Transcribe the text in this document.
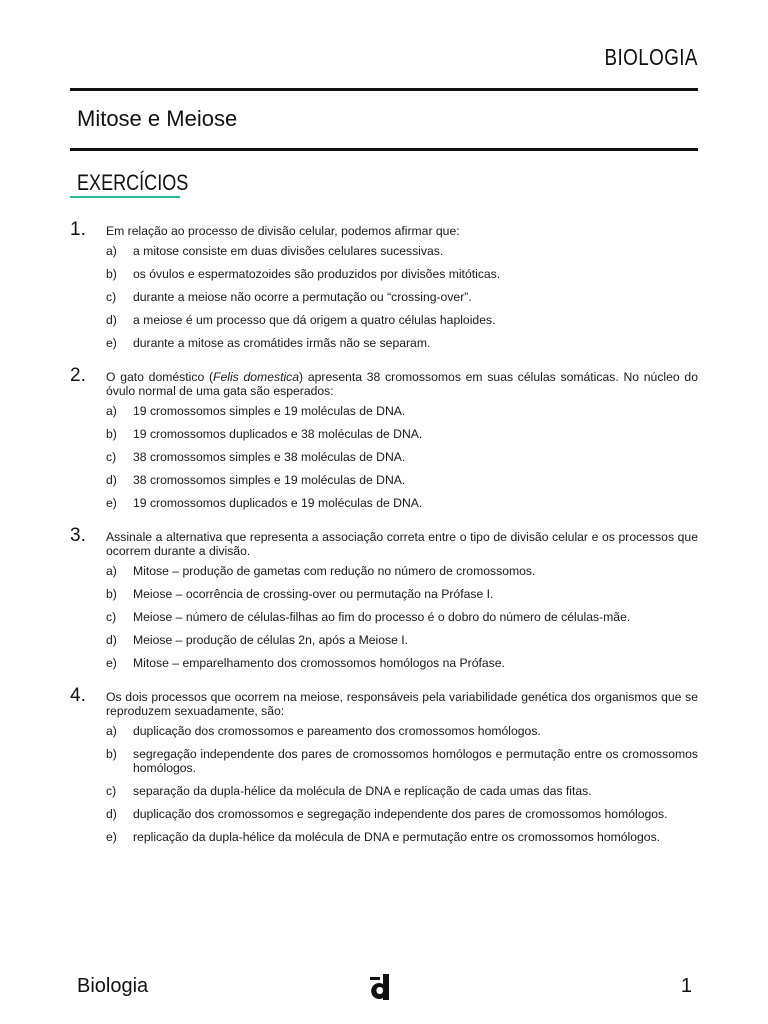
BIOLOGIA
Mitose e Meiose
EXERCÍCIOS
1. Em relação ao processo de divisão celular, podemos afirmar que:
a) a mitose consiste em duas divisões celulares sucessivas.
b) os óvulos e espermatozoides são produzidos por divisões mitóticas.
c) durante a meiose não ocorre a permutação ou “crossing-over”.
d) a meiose é um processo que dá origem a quatro células haploides.
e) durante a mitose as cromátides irmãs não se separam.
2. O gato doméstico (Felis domestica) apresenta 38 cromossomos em suas células somáticas. No núcleo do óvulo normal de uma gata são esperados:
a) 19 cromossomos simples e 19 moléculas de DNA.
b) 19 cromossomos duplicados e 38 moléculas de DNA.
c) 38 cromossomos simples e 38 moléculas de DNA.
d) 38 cromossomos simples e 19 moléculas de DNA.
e) 19 cromossomos duplicados e 19 moléculas de DNA.
3. Assinale a alternativa que representa a associação correta entre o tipo de divisão celular e os processos que ocorrem durante a divisão.
a) Mitose – produção de gametas com redução no número de cromossomos.
b) Meiose – ocorrência de crossing-over ou permutação na Prófase I.
c) Meiose – número de células-filhas ao fim do processo é o dobro do número de células-mãe.
d) Meiose – produção de células 2n, após a Meiose I.
e) Mitose – emparelhamento dos cromossomos homólogos na Prófase.
4. Os dois processos que ocorrem na meiose, responsáveis pela variabilidade genética dos organismos que se reproduzem sexuadamente, são:
a) duplicação dos cromossomos e pareamento dos cromossomos homólogos.
b) segregação independente dos pares de cromossomos homólogos e permutação entre os cromossomos homólogos.
c) separação da dupla-hélice da molécula de DNA e replicação de cada umas das fitas.
d) duplicação dos cromossomos e segregação independente dos pares de cromossomos homólogos.
e) replicação da dupla-hélice da molécula de DNA e permutação entre os cromossomos homólogos.
Biologia	1
